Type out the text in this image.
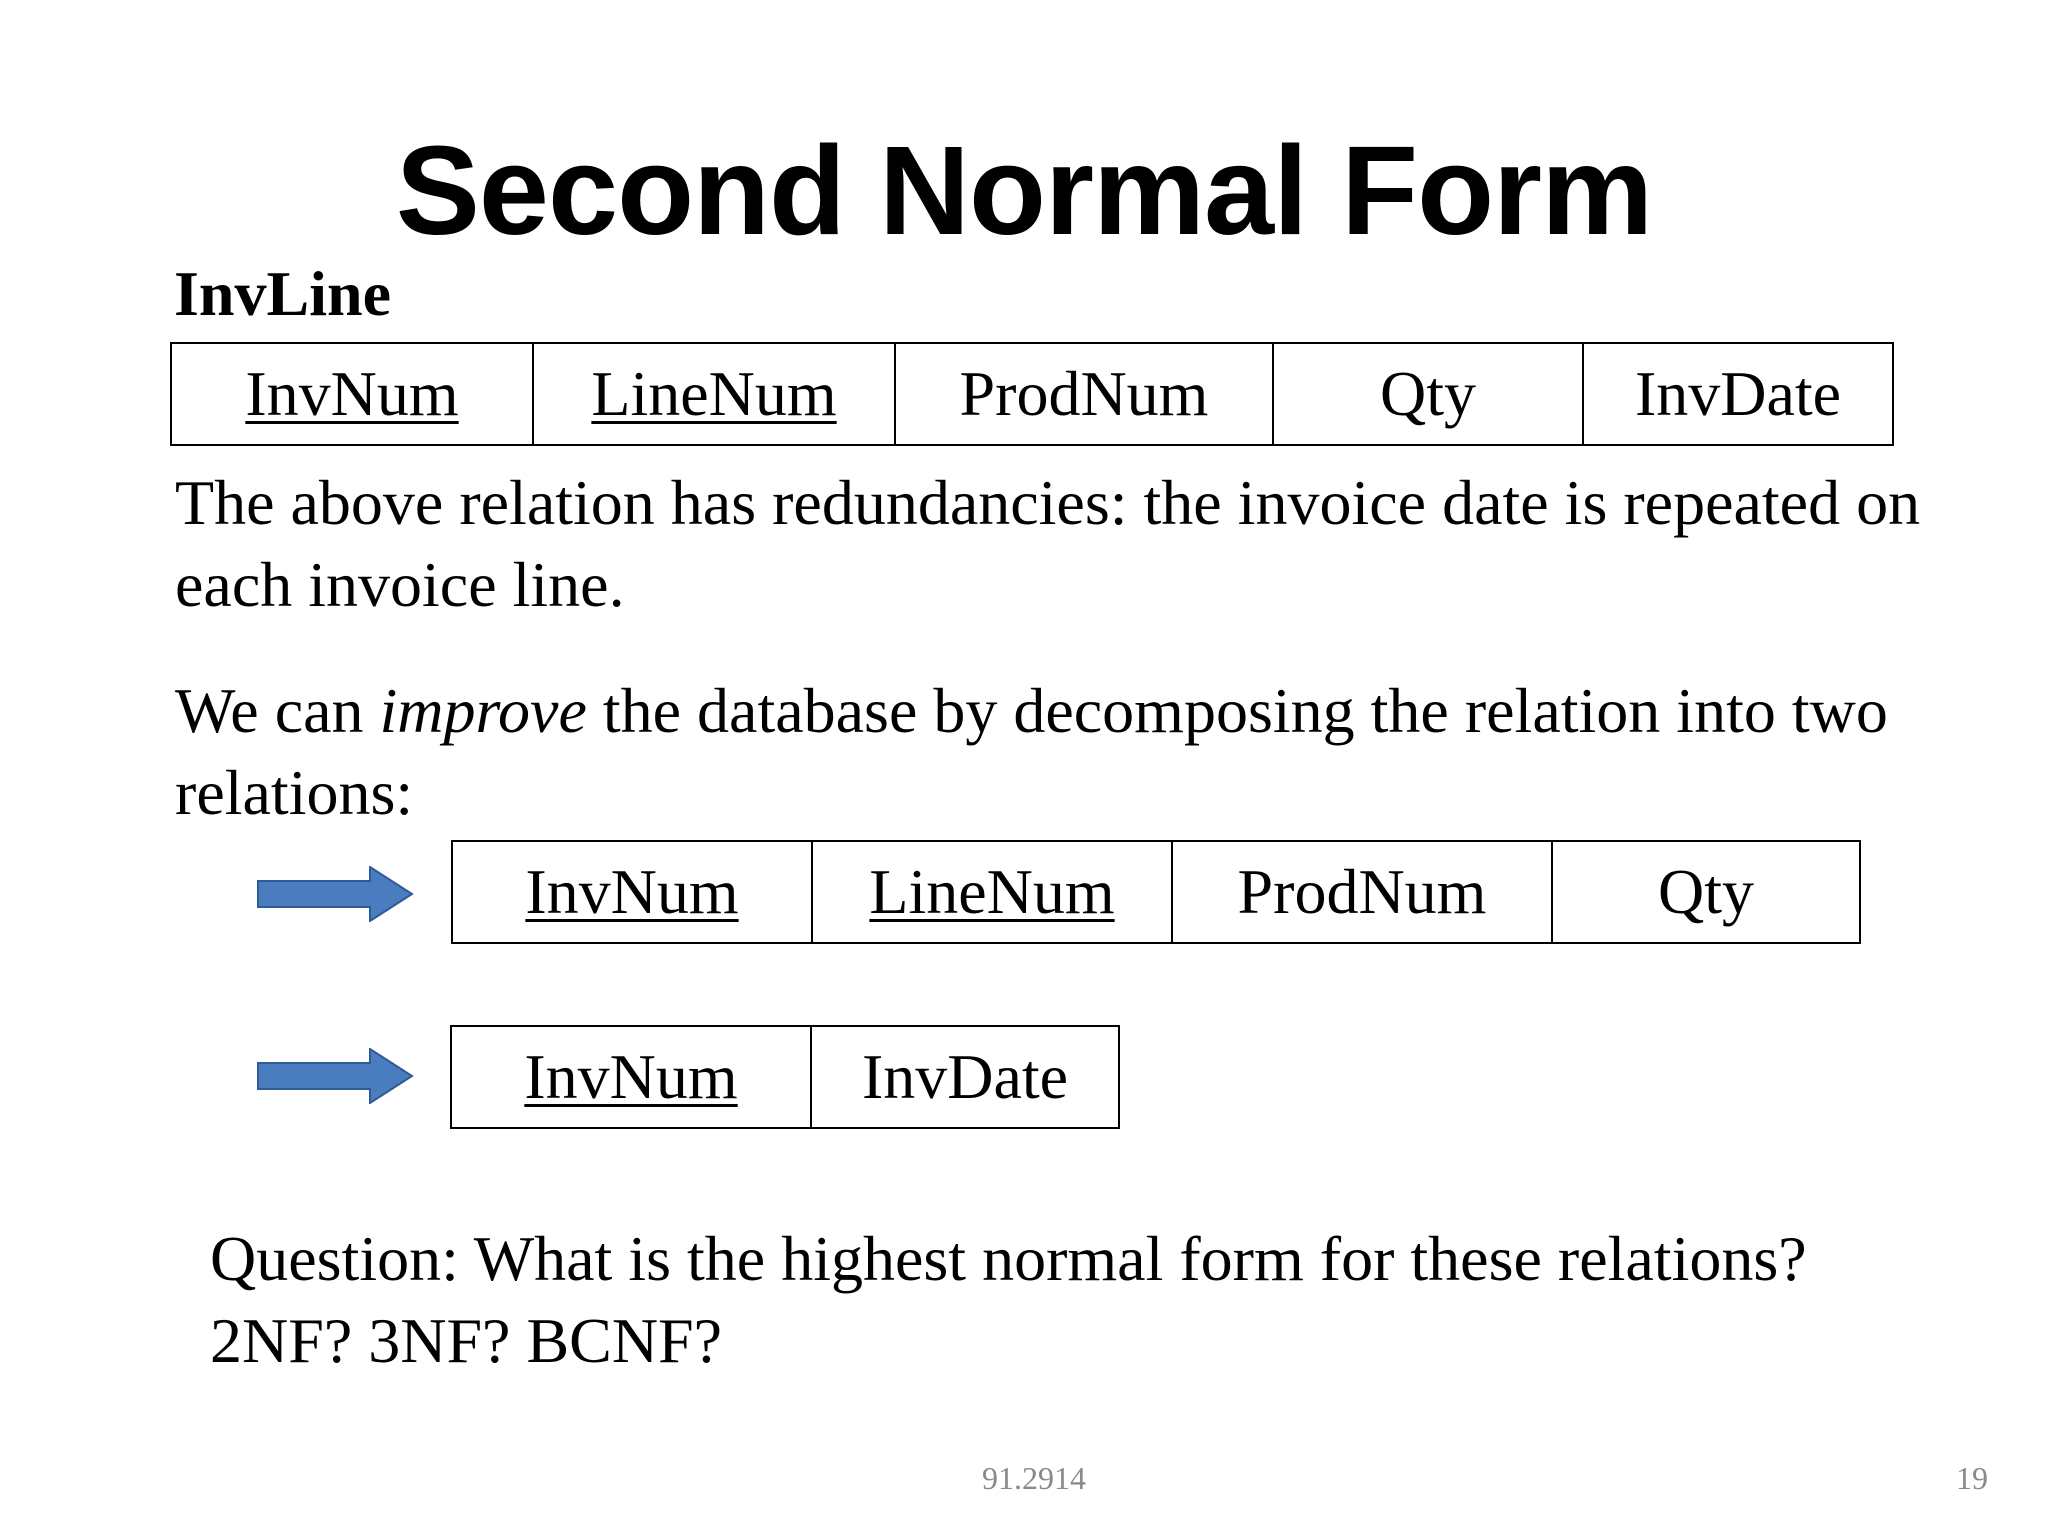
Second Normal Form
InvLine
InvNum	LineNum	ProdNum	Qty	InvDate
The above relation has redundancies: the invoice date is repeated on each invoice line.
We can improve the database by decomposing the relation into two relations:
InvNum	LineNum	ProdNum	Qty
InvNum	InvDate
Question: What is the highest normal form for these relations? 2NF? 3NF? BCNF?
91.2914	19
